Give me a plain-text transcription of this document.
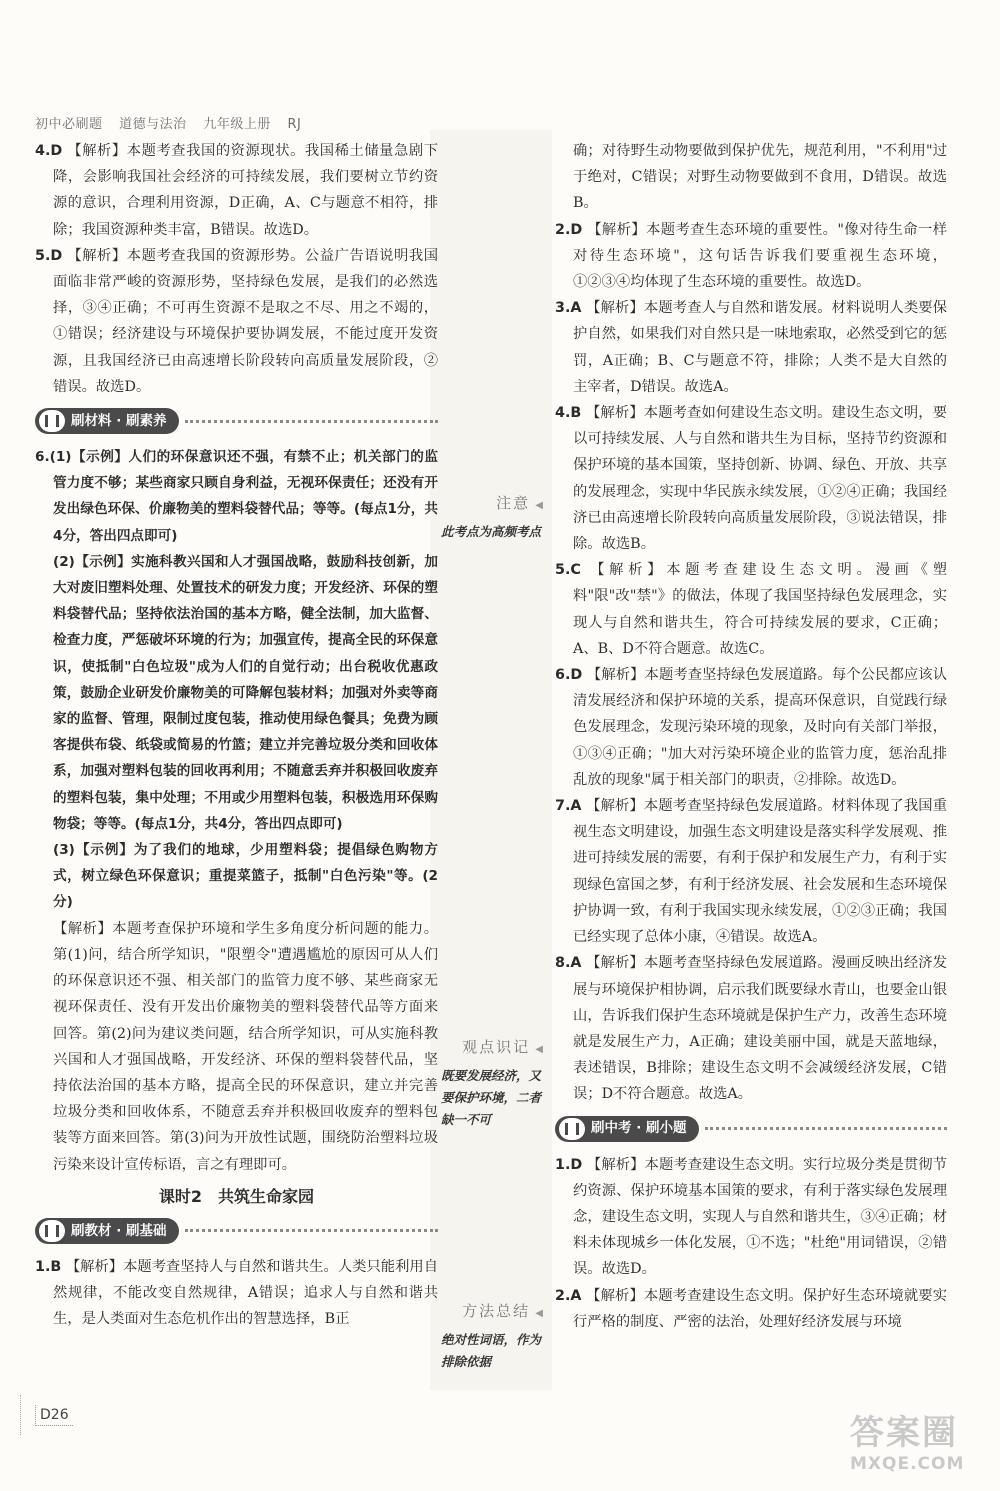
初中必刷题 道德与法治 九年级上册 RJ

4.D 【解析】本题考查我国的资源现状。我国稀土储量急剧下降，会影响我国社会经济的可持续发展，我们要树立节约资源的意识，合理利用资源，D正确，A、C与题意不相符，排除；我国资源种类丰富，B错误。故选D。

5.D 【解析】本题考查我国的资源形势。公益广告语说明我国面临非常严峻的资源形势，坚持绿色发展，是我们的必然选择，③④正确；不可再生资源不是取之不尽、用之不竭的，①错误；经济建设与环境保护要协调发展，不能过度开发资源，且我国经济已由高速增长阶段转向高质量发展阶段，②错误。故选D。

刷材料 · 刷素养

6.(1)【示例】人们的环保意识还不强，有禁不止；机关部门的监管力度不够；某些商家只顾自身利益，无视环保责任；还没有开发出绿色环保、价廉物美的塑料袋替代品；等等。(每点1分，共4分，答出四点即可)

(2)【示例】实施科教兴国和人才强国战略，鼓励科技创新，加大对废旧塑料处理、处置技术的研发力度；开发经济、环保的塑料袋替代品；坚持依法治国的基本方略，健全法制，加大监督、检查力度，严惩破坏环境的行为；加强宣传，提高全民的环保意识，使抵制"白色垃圾"成为人们的自觉行动；出台税收优惠政策，鼓励企业研发价廉物美的可降解包装材料；加强对外卖等商家的监督、管理，限制过度包装，推动使用绿色餐具；免费为顾客提供布袋、纸袋或简易的竹篮；建立并完善垃圾分类和回收体系，加强对塑料包装的回收再利用；不随意丢弃并积极回收废弃的塑料包装，集中处理；不用或少用塑料包装，积极选用环保购物袋；等等。(每点1分，共4分，答出四点即可)

(3)【示例】为了我们的地球，少用塑料袋；提倡绿色购物方式，树立绿色环保意识；重提菜篮子，抵制"白色污染"等。(2分)

【解析】本题考查保护环境和学生多角度分析问题的能力。第(1)问，结合所学知识，"限塑令"遭遇尴尬的原因可从人们的环保意识还不强、相关部门的监管力度不够、某些商家无视环保责任、没有开发出价廉物美的塑料袋替代品等方面来回答。第(2)问为建议类问题，结合所学知识，可从实施科教兴国和人才强国战略，开发经济、环保的塑料袋替代品，坚持依法治国的基本方略，提高全民的环保意识，建立并完善垃圾分类和回收体系，不随意丢弃并积极回收废弃的塑料包装等方面来回答。第(3)问为开放性试题，围绕防治塑料垃圾污染来设计宣传标语，言之有理即可。

课时2　共筑生命家园
刷教材 · 刷基础

1.B 【解析】本题考查坚持人与自然和谐共生。人类只能利用自然规律，不能改变自然规律，A错误；追求人与自然和谐共生，是人类面对生态危机作出的智慧选择，B正

注意 ◀
此考点为高频考点
观点识记 ◀
既要发展经济，又要保护环境，二者缺一不可
方法总结 ◀
绝对性词语，作为排除依据

确；对待野生动物要做到保护优先，规范利用，"不利用"过于绝对，C错误；对野生动物要做到不食用，D错误。故选B。

2.D 【解析】本题考查生态环境的重要性。"像对待生命一样对待生态环境"，这句话告诉我们要重视生态环境，①②③④均体现了生态环境的重要性。故选D。

3.A 【解析】本题考查人与自然和谐发展。材料说明人类要保护自然，如果我们对自然只是一味地索取，必然受到它的惩罚，A正确；B、C与题意不符，排除；人类不是大自然的主宰者，D错误。故选A。

4.B 【解析】本题考查如何建设生态文明。建设生态文明，要以可持续发展、人与自然和谐共生为目标，坚持节约资源和保护环境的基本国策，坚持创新、协调、绿色、开放、共享的发展理念，实现中华民族永续发展，①②④正确；我国经济已由高速增长阶段转向高质量发展阶段，③说法错误，排除。故选B。

5.C 【解析】本题考查建设生态文明。漫画《塑料"限"改"禁"》的做法，体现了我国坚持绿色发展理念，实现人与自然和谐共生，符合可持续发展的要求，C正确；A、B、D不符合题意。故选C。

6.D 【解析】本题考查坚持绿色发展道路。每个公民都应该认清发展经济和保护环境的关系，提高环保意识，自觉践行绿色发展理念，发现污染环境的现象，及时向有关部门举报，①③④正确；"加大对污染环境企业的监管力度，惩治乱排乱放的现象"属于相关部门的职责，②排除。故选D。

7.A 【解析】本题考查坚持绿色发展道路。材料体现了我国重视生态文明建设，加强生态文明建设是落实科学发展观、推进可持续发展的需要，有利于保护和发展生产力，有利于实现绿色富国之梦，有利于经济发展、社会发展和生态环境保护协调一致，有利于我国实现永续发展，①②③正确；我国已经实现了总体小康，④错误。故选A。

8.A 【解析】本题考查坚持绿色发展道路。漫画反映出经济发展与环境保护相协调，启示我们既要绿水青山，也要金山银山，告诉我们保护生态环境就是保护生产力，改善生态环境就是发展生产力，A正确；建设美丽中国，就是天蓝地绿，表述错误，B排除；建设生态文明不会减缓经济发展，C错误；D不符合题意。故选A。

刷中考 · 刷小题

1.D 【解析】本题考查建设生态文明。实行垃圾分类是贯彻节约资源、保护环境基本国策的要求，有利于落实绿色发展理念，建设生态文明，实现人与自然和谐共生，③④正确；材料未体现城乡一体化发展，①不选；"杜绝"用词错误，②错误。故选D。

2.A 【解析】本题考查建设生态文明。保护好生态环境就要实行严格的制度、严密的法治，处理好经济发展与环境

D26	答案圈
MXQE.COM
